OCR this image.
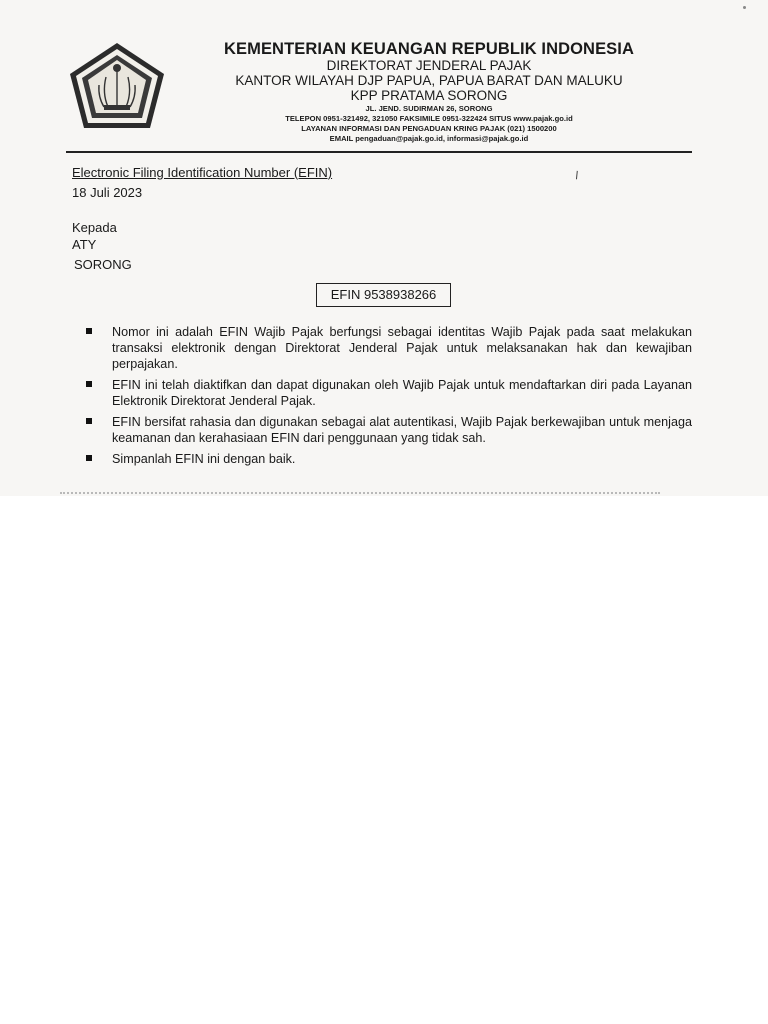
KEMENTERIAN KEUANGAN REPUBLIK INDONESIA
DIREKTORAT JENDERAL PAJAK
KANTOR WILAYAH DJP PAPUA, PAPUA BARAT DAN MALUKU
KPP PRATAMA SORONG
JL. JEND. SUDIRMAN 26, SORONG
TELEPON 0951-321492, 321050 FAKSIMILE 0951-322424 SITUS www.pajak.go.id
LAYANAN INFORMASI DAN PENGADUAN KRING PAJAK (021) 1500200
EMAIL pengaduan@pajak.go.id, informasi@pajak.go.id
Electronic Filing Identification Number (EFIN)	\
18 Juli 2023
Kepada
ATY
SORONG
EFIN 9538938266
Nomor ini adalah EFIN Wajib Pajak berfungsi sebagai identitas Wajib Pajak pada saat melakukan transaksi elektronik dengan Direktorat Jenderal Pajak untuk melaksanakan hak dan kewajiban perpajakan.
EFIN ini telah diaktifkan dan dapat digunakan oleh Wajib Pajak untuk mendaftarkan diri pada Layanan Elektronik Direktorat Jenderal Pajak.
EFIN bersifat rahasia dan digunakan sebagai alat autentikasi, Wajib Pajak berkewajiban untuk menjaga keamanan dan kerahasiaan EFIN dari penggunaan yang tidak sah.
Simpanlah EFIN ini dengan baik.
